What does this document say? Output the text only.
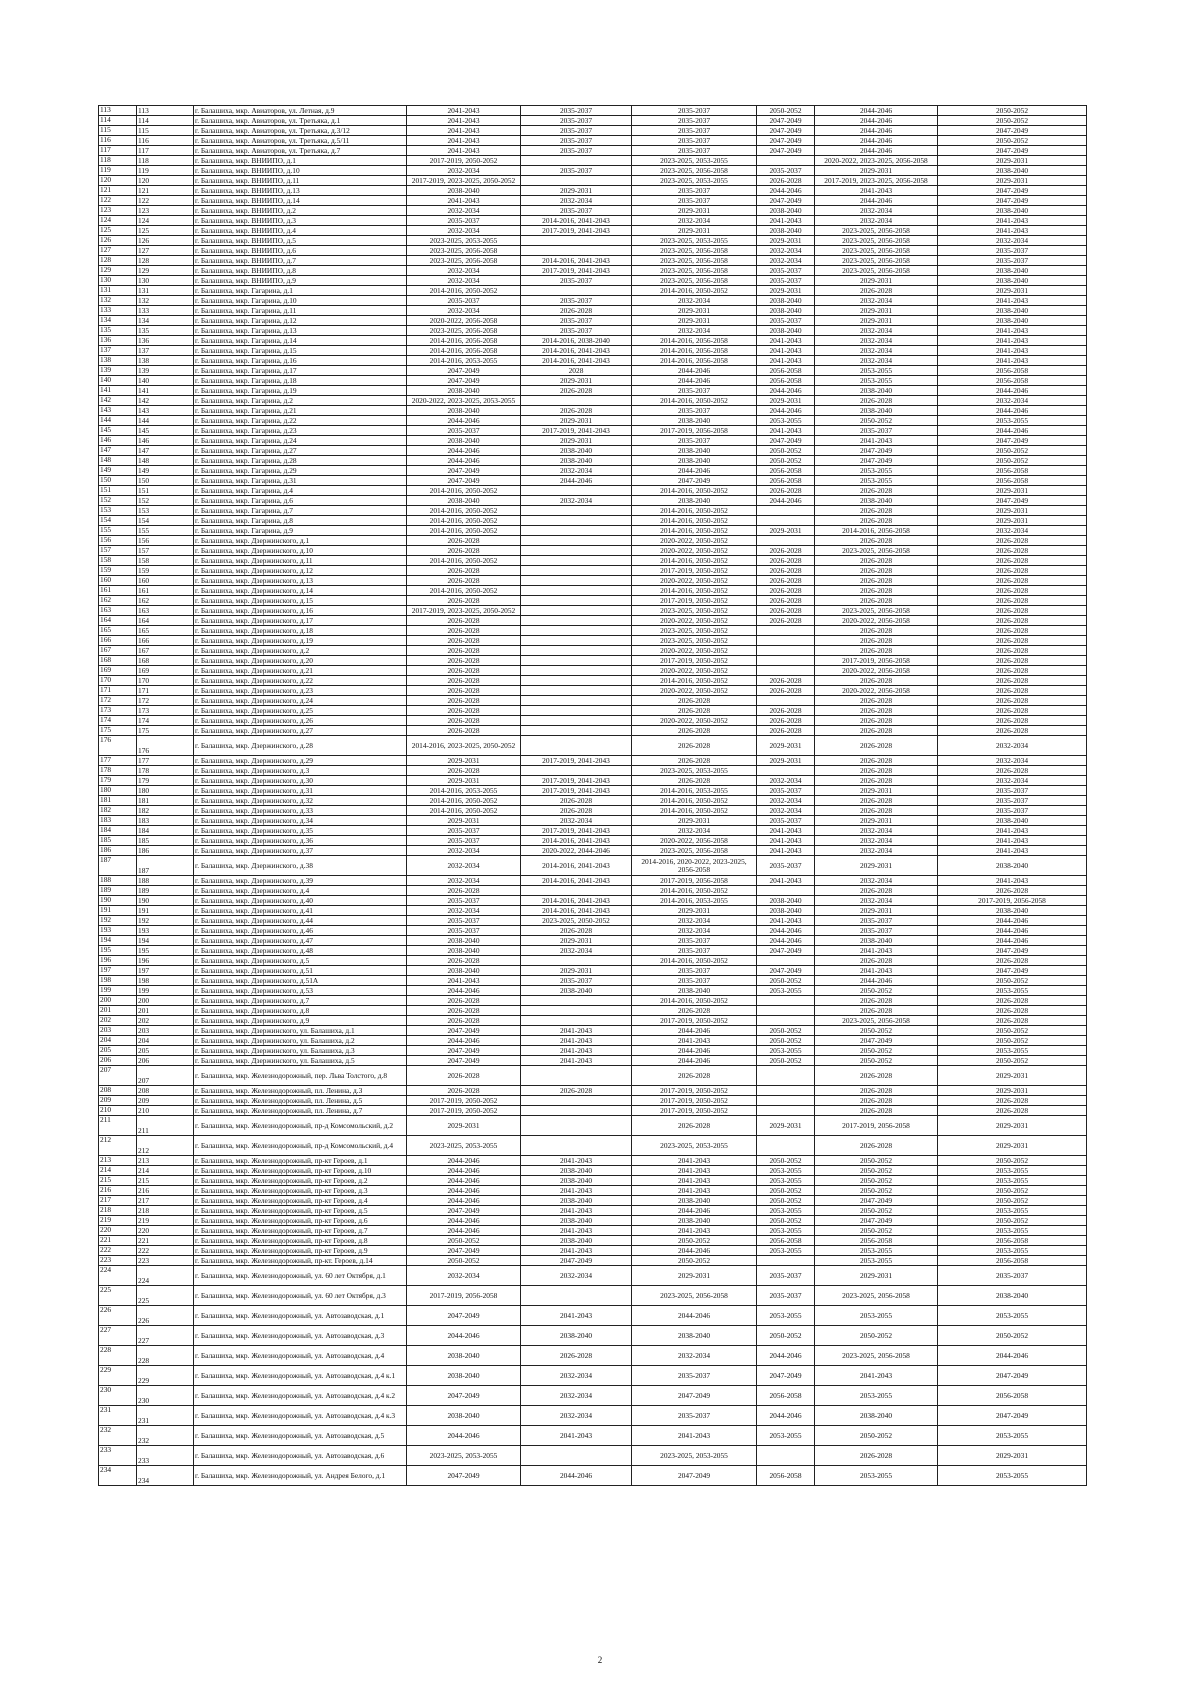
113	113	г. Балашиха, мкр. Авиаторов, ул. Летная, д.9	2041-2043	2035-2037	2035-2037	2050-2052	2044-2046	2050-2052
114	114	г. Балашиха, мкр. Авиаторов, ул. Третьяка, д.1	2041-2043	2035-2037	2035-2037	2047-2049	2044-2046	2050-2052
115	115	г. Балашиха, мкр. Авиаторов, ул. Третьяка, д.3/12	2041-2043	2035-2037	2035-2037	2047-2049	2044-2046	2047-2049
116	116	г. Балашиха, мкр. Авиаторов, ул. Третьяка, д.5/11	2041-2043	2035-2037	2035-2037	2047-2049	2044-2046	2050-2052
117	117	г. Балашиха, мкр. Авиаторов, ул. Третьяка, д.7	2041-2043	2035-2037	2035-2037	2047-2049	2044-2046	2047-2049
118	118	г. Балашиха, мкр. ВНИИПО, д.1	2017-2019, 2050-2052		2023-2025, 2053-2055		2020-2022, 2023-2025, 2056-2058	2029-2031
119	119	г. Балашиха, мкр. ВНИИПО, д.10	2032-2034	2035-2037	2023-2025, 2056-2058	2035-2037	2029-2031	2038-2040
120	120	г. Балашиха, мкр. ВНИИПО, д.11	2017-2019, 2023-2025, 2050-2052		2023-2025, 2053-2055	2026-2028	2017-2019, 2023-2025, 2056-2058	2029-2031
121	121	г. Балашиха, мкр. ВНИИПО, д.13	2038-2040	2029-2031	2035-2037	2044-2046	2041-2043	2047-2049
122	122	г. Балашиха, мкр. ВНИИПО, д.14	2041-2043	2032-2034	2035-2037	2047-2049	2044-2046	2047-2049
123	123	г. Балашиха, мкр. ВНИИПО, д.2	2032-2034	2035-2037	2029-2031	2038-2040	2032-2034	2038-2040
124	124	г. Балашиха, мкр. ВНИИПО, д.3	2035-2037	2014-2016, 2041-2043	2032-2034	2041-2043	2032-2034	2041-2043
125	125	г. Балашиха, мкр. ВНИИПО, д.4	2032-2034	2017-2019, 2041-2043	2029-2031	2038-2040	2023-2025, 2056-2058	2041-2043
126	126	г. Балашиха, мкр. ВНИИПО, д.5	2023-2025, 2053-2055		2023-2025, 2053-2055	2029-2031	2023-2025, 2056-2058	2032-2034
127	127	г. Балашиха, мкр. ВНИИПО, д.6	2023-2025, 2056-2058		2023-2025, 2056-2058	2032-2034	2023-2025, 2056-2058	2035-2037
128	128	г. Балашиха, мкр. ВНИИПО, д.7	2023-2025, 2056-2058	2014-2016, 2041-2043	2023-2025, 2056-2058	2032-2034	2023-2025, 2056-2058	2035-2037
129	129	г. Балашиха, мкр. ВНИИПО, д.8	2032-2034	2017-2019, 2041-2043	2023-2025, 2056-2058	2035-2037	2023-2025, 2056-2058	2038-2040
130	130	г. Балашиха, мкр. ВНИИПО, д.9	2032-2034	2035-2037	2023-2025, 2056-2058	2035-2037	2029-2031	2038-2040
131	131	г. Балашиха, мкр. Гагарина, д.1	2014-2016, 2050-2052		2014-2016, 2050-2052	2029-2031	2026-2028	2029-2031
132	132	г. Балашиха, мкр. Гагарина, д.10	2035-2037	2035-2037	2032-2034	2038-2040	2032-2034	2041-2043
133	133	г. Балашиха, мкр. Гагарина, д.11	2032-2034	2026-2028	2029-2031	2038-2040	2029-2031	2038-2040
134	134	г. Балашиха, мкр. Гагарина, д.12	2020-2022, 2056-2058	2035-2037	2029-2031	2035-2037	2029-2031	2038-2040
135	135	г. Балашиха, мкр. Гагарина, д.13	2023-2025, 2056-2058	2035-2037	2032-2034	2038-2040	2032-2034	2041-2043
136	136	г. Балашиха, мкр. Гагарина, д.14	2014-2016, 2056-2058	2014-2016, 2038-2040	2014-2016, 2056-2058	2041-2043	2032-2034	2041-2043
137	137	г. Балашиха, мкр. Гагарина, д.15	2014-2016, 2056-2058	2014-2016, 2041-2043	2014-2016, 2056-2058	2041-2043	2032-2034	2041-2043
138	138	г. Балашиха, мкр. Гагарина, д.16	2014-2016, 2053-2055	2014-2016, 2041-2043	2014-2016, 2056-2058	2041-2043	2032-2034	2041-2043
139	139	г. Балашиха, мкр. Гагарина, д.17	2047-2049	2028	2044-2046	2056-2058	2053-2055	2056-2058
140	140	г. Балашиха, мкр. Гагарина, д.18	2047-2049	2029-2031	2044-2046	2056-2058	2053-2055	2056-2058
141	141	г. Балашиха, мкр. Гагарина, д.19	2038-2040	2026-2028	2035-2037	2044-2046	2038-2040	2044-2046
142	142	г. Балашиха, мкр. Гагарина, д.2	2020-2022, 2023-2025, 2053-2055		2014-2016, 2050-2052	2029-2031	2026-2028	2032-2034
143	143	г. Балашиха, мкр. Гагарина, д.21	2038-2040	2026-2028	2035-2037	2044-2046	2038-2040	2044-2046
144	144	г. Балашиха, мкр. Гагарина, д.22	2044-2046	2029-2031	2038-2040	2053-2055	2050-2052	2053-2055
145	145	г. Балашиха, мкр. Гагарина, д.23	2035-2037	2017-2019, 2041-2043	2017-2019, 2056-2058	2041-2043	2035-2037	2044-2046
146	146	г. Балашиха, мкр. Гагарина, д.24	2038-2040	2029-2031	2035-2037	2047-2049	2041-2043	2047-2049
147	147	г. Балашиха, мкр. Гагарина, д.27	2044-2046	2038-2040	2038-2040	2050-2052	2047-2049	2050-2052
148	148	г. Балашиха, мкр. Гагарина, д.28	2044-2046	2038-2040	2038-2040	2050-2052	2047-2049	2050-2052
149	149	г. Балашиха, мкр. Гагарина, д.29	2047-2049	2032-2034	2044-2046	2056-2058	2053-2055	2056-2058
150	150	г. Балашиха, мкр. Гагарина, д.31	2047-2049	2044-2046	2047-2049	2056-2058	2053-2055	2056-2058
151	151	г. Балашиха, мкр. Гагарина, д.4	2014-2016, 2050-2052		2014-2016, 2050-2052	2026-2028	2026-2028	2029-2031
152	152	г. Балашиха, мкр. Гагарина, д.6	2038-2040	2032-2034	2038-2040	2044-2046	2038-2040	2047-2049
153	153	г. Балашиха, мкр. Гагарина, д.7	2014-2016, 2050-2052		2014-2016, 2050-2052		2026-2028	2029-2031
154	154	г. Балашиха, мкр. Гагарина, д.8	2014-2016, 2050-2052		2014-2016, 2050-2052		2026-2028	2029-2031
155	155	г. Балашиха, мкр. Гагарина, д.9	2014-2016, 2050-2052		2014-2016, 2050-2052	2029-2031	2014-2016, 2056-2058	2032-2034
156	156	г. Балашиха, мкр. Дзержинского, д.1	2026-2028		2020-2022, 2050-2052		2026-2028	2026-2028
157	157	г. Балашиха, мкр. Дзержинского, д.10	2026-2028		2020-2022, 2050-2052	2026-2028	2023-2025, 2056-2058	2026-2028
158	158	г. Балашиха, мкр. Дзержинского, д.11	2014-2016, 2050-2052		2014-2016, 2050-2052	2026-2028	2026-2028	2026-2028
159	159	г. Балашиха, мкр. Дзержинского, д.12	2026-2028		2017-2019, 2050-2052	2026-2028	2026-2028	2026-2028
160	160	г. Балашиха, мкр. Дзержинского, д.13	2026-2028		2020-2022, 2050-2052	2026-2028	2026-2028	2026-2028
161	161	г. Балашиха, мкр. Дзержинского, д.14	2014-2016, 2050-2052		2014-2016, 2050-2052	2026-2028	2026-2028	2026-2028
162	162	г. Балашиха, мкр. Дзержинского, д.15	2026-2028		2017-2019, 2050-2052	2026-2028	2026-2028	2026-2028
163	163	г. Балашиха, мкр. Дзержинского, д.16	2017-2019, 2023-2025, 2050-2052		2023-2025, 2050-2052	2026-2028	2023-2025, 2056-2058	2026-2028
164	164	г. Балашиха, мкр. Дзержинского, д.17	2026-2028		2020-2022, 2050-2052	2026-2028	2020-2022, 2056-2058	2026-2028
165	165	г. Балашиха, мкр. Дзержинского, д.18	2026-2028		2023-2025, 2050-2052		2026-2028	2026-2028
166	166	г. Балашиха, мкр. Дзержинского, д.19	2026-2028		2023-2025, 2050-2052		2026-2028	2026-2028
167	167	г. Балашиха, мкр. Дзержинского, д.2	2026-2028		2020-2022, 2050-2052		2026-2028	2026-2028
168	168	г. Балашиха, мкр. Дзержинского, д.20	2026-2028		2017-2019, 2050-2052		2017-2019, 2056-2058	2026-2028
169	169	г. Балашиха, мкр. Дзержинского, д.21	2026-2028		2020-2022, 2050-2052		2020-2022, 2056-2058	2026-2028
170	170	г. Балашиха, мкр. Дзержинского, д.22	2026-2028		2014-2016, 2050-2052	2026-2028	2026-2028	2026-2028
171	171	г. Балашиха, мкр. Дзержинского, д.23	2026-2028		2020-2022, 2050-2052	2026-2028	2020-2022, 2056-2058	2026-2028
172	172	г. Балашиха, мкр. Дзержинского, д.24	2026-2028		2026-2028		2026-2028	2026-2028
173	173	г. Балашиха, мкр. Дзержинского, д.25	2026-2028		2026-2028	2026-2028	2026-2028	2026-2028
174	174	г. Балашиха, мкр. Дзержинского, д.26	2026-2028		2020-2022, 2050-2052	2026-2028	2026-2028	2026-2028
175	175	г. Балашиха, мкр. Дзержинского, д.27	2026-2028		2026-2028	2026-2028	2026-2028	2026-2028
176	176	г. Балашиха, мкр. Дзержинского, д.28	2014-2016, 2023-2025, 2050-2052		2026-2028	2029-2031	2026-2028	2032-2034
177	177	г. Балашиха, мкр. Дзержинского, д.29	2029-2031	2017-2019, 2041-2043	2026-2028	2029-2031	2026-2028	2032-2034
178	178	г. Балашиха, мкр. Дзержинского, д.3	2026-2028		2023-2025, 2053-2055		2026-2028	2026-2028
179	179	г. Балашиха, мкр. Дзержинского, д.30	2029-2031	2017-2019, 2041-2043	2026-2028	2032-2034	2026-2028	2032-2034
180	180	г. Балашиха, мкр. Дзержинского, д.31	2014-2016, 2053-2055	2017-2019, 2041-2043	2014-2016, 2053-2055	2035-2037	2029-2031	2035-2037
181	181	г. Балашиха, мкр. Дзержинского, д.32	2014-2016, 2050-2052	2026-2028	2014-2016, 2050-2052	2032-2034	2026-2028	2035-2037
182	182	г. Балашиха, мкр. Дзержинского, д.33	2014-2016, 2050-2052	2026-2028	2014-2016, 2050-2052	2032-2034	2026-2028	2035-2037
183	183	г. Балашиха, мкр. Дзержинского, д.34	2029-2031	2032-2034	2029-2031	2035-2037	2029-2031	2038-2040
184	184	г. Балашиха, мкр. Дзержинского, д.35	2035-2037	2017-2019, 2041-2043	2032-2034	2041-2043	2032-2034	2041-2043
185	185	г. Балашиха, мкр. Дзержинского, д.36	2035-2037	2014-2016, 2041-2043	2020-2022, 2056-2058	2041-2043	2032-2034	2041-2043
186	186	г. Балашиха, мкр. Дзержинского, д.37	2032-2034	2020-2022, 2044-2046	2023-2025, 2056-2058	2041-2043	2032-2034	2041-2043
187	187	г. Балашиха, мкр. Дзержинского, д.38	2032-2034	2014-2016, 2041-2043	2014-2016, 2020-2022, 2023-2025, 2056-2058	2035-2037	2029-2031	2038-2040
188	188	г. Балашиха, мкр. Дзержинского, д.39	2032-2034	2014-2016, 2041-2043	2017-2019, 2056-2058	2041-2043	2032-2034	2041-2043
189	189	г. Балашиха, мкр. Дзержинского, д.4	2026-2028		2014-2016, 2050-2052		2026-2028	2026-2028
190	190	г. Балашиха, мкр. Дзержинского, д.40	2035-2037	2014-2016, 2041-2043	2014-2016, 2053-2055	2038-2040	2032-2034	2017-2019, 2056-2058
191	191	г. Балашиха, мкр. Дзержинского, д.41	2032-2034	2014-2016, 2041-2043	2029-2031	2038-2040	2029-2031	2038-2040
192	192	г. Балашиха, мкр. Дзержинского, д.44	2035-2037	2023-2025, 2050-2052	2032-2034	2041-2043	2035-2037	2044-2046
193	193	г. Балашиха, мкр. Дзержинского, д.46	2035-2037	2026-2028	2032-2034	2044-2046	2035-2037	2044-2046
194	194	г. Балашиха, мкр. Дзержинского, д.47	2038-2040	2029-2031	2035-2037	2044-2046	2038-2040	2044-2046
195	195	г. Балашиха, мкр. Дзержинского, д.48	2038-2040	2032-2034	2035-2037	2047-2049	2041-2043	2047-2049
196	196	г. Балашиха, мкр. Дзержинского, д.5	2026-2028		2014-2016, 2050-2052		2026-2028	2026-2028
197	197	г. Балашиха, мкр. Дзержинского, д.51	2038-2040	2029-2031	2035-2037	2047-2049	2041-2043	2047-2049
198	198	г. Балашиха, мкр. Дзержинского, д.51А	2041-2043	2035-2037	2035-2037	2050-2052	2044-2046	2050-2052
199	199	г. Балашиха, мкр. Дзержинского, д.53	2044-2046	2038-2040	2038-2040	2053-2055	2050-2052	2053-2055
200	200	г. Балашиха, мкр. Дзержинского, д.7	2026-2028		2014-2016, 2050-2052		2026-2028	2026-2028
201	201	г. Балашиха, мкр. Дзержинского, д.8	2026-2028		2026-2028		2026-2028	2026-2028
202	202	г. Балашиха, мкр. Дзержинского, д.9	2026-2028		2017-2019, 2050-2052		2023-2025, 2056-2058	2026-2028
203	203	г. Балашиха, мкр. Дзержинского, ул. Балашиха, д.1	2047-2049	2041-2043	2044-2046	2050-2052	2050-2052	2050-2052
204	204	г. Балашиха, мкр. Дзержинского, ул. Балашиха, д.2	2044-2046	2041-2043	2041-2043	2050-2052	2047-2049	2050-2052
205	205	г. Балашиха, мкр. Дзержинского, ул. Балашиха, д.3	2047-2049	2041-2043	2044-2046	2053-2055	2050-2052	2053-2055
206	206	г. Балашиха, мкр. Дзержинского, ул. Балашиха, д.5	2047-2049	2041-2043	2044-2046	2050-2052	2050-2052	2050-2052
207	207	г. Балашиха, мкр. Железнодорожный, пер. Льва Толстого, д.8	2026-2028		2026-2028		2026-2028	2029-2031
208	208	г. Балашиха, мкр. Железнодорожный, пл. Ленина, д.3	2026-2028	2026-2028	2017-2019, 2050-2052		2026-2028	2029-2031
209	209	г. Балашиха, мкр. Железнодорожный, пл. Ленина, д.5	2017-2019, 2050-2052		2017-2019, 2050-2052		2026-2028	2026-2028
210	210	г. Балашиха, мкр. Железнодорожный, пл. Ленина, д.7	2017-2019, 2050-2052		2017-2019, 2050-2052		2026-2028	2026-2028
211	211	г. Балашиха, мкр. Железнодорожный, пр-д Комсомольский, д.2	2029-2031		2026-2028	2029-2031	2017-2019, 2056-2058	2029-2031
212	212	г. Балашиха, мкр. Железнодорожный, пр-д Комсомольский, д.4	2023-2025, 2053-2055		2023-2025, 2053-2055		2026-2028	2029-2031
213	213	г. Балашиха, мкр. Железнодорожный, пр-кт Героев, д.1	2044-2046	2041-2043	2041-2043	2050-2052	2050-2052	2050-2052
214	214	г. Балашиха, мкр. Железнодорожный, пр-кт Героев, д.10	2044-2046	2038-2040	2041-2043	2053-2055	2050-2052	2053-2055
215	215	г. Балашиха, мкр. Железнодорожный, пр-кт Героев, д.2	2044-2046	2038-2040	2041-2043	2053-2055	2050-2052	2053-2055
216	216	г. Балашиха, мкр. Железнодорожный, пр-кт Героев, д.3	2044-2046	2041-2043	2041-2043	2050-2052	2050-2052	2050-2052
217	217	г. Балашиха, мкр. Железнодорожный, пр-кт Героев, д.4	2044-2046	2038-2040	2038-2040	2050-2052	2047-2049	2050-2052
218	218	г. Балашиха, мкр. Железнодорожный, пр-кт Героев, д.5	2047-2049	2041-2043	2044-2046	2053-2055	2050-2052	2053-2055
219	219	г. Балашиха, мкр. Железнодорожный, пр-кт Героев, д.6	2044-2046	2038-2040	2038-2040	2050-2052	2047-2049	2050-2052
220	220	г. Балашиха, мкр. Железнодорожный, пр-кт Героев, д.7	2044-2046	2041-2043	2041-2043	2053-2055	2050-2052	2053-2055
221	221	г. Балашиха, мкр. Железнодорожный, пр-кт Героев, д.8	2050-2052	2038-2040	2050-2052	2056-2058	2056-2058	2056-2058
222	222	г. Балашиха, мкр. Железнодорожный, пр-кт Героев, д.9	2047-2049	2041-2043	2044-2046	2053-2055	2053-2055	2053-2055
223	223	г. Балашиха, мкр. Железнодорожный, пр-кт. Героев, д.14	2050-2052	2047-2049	2050-2052		2053-2055	2056-2058
224	224	г. Балашиха, мкр. Железнодорожный, ул. 60 лет Октября, д.1	2032-2034	2032-2034	2029-2031	2035-2037	2029-2031	2035-2037
225	225	г. Балашиха, мкр. Железнодорожный, ул. 60 лет Октября, д.3	2017-2019, 2056-2058		2023-2025, 2056-2058	2035-2037	2023-2025, 2056-2058	2038-2040
226	226	г. Балашиха, мкр. Железнодорожный, ул. Автозаводская, д.1	2047-2049	2041-2043	2044-2046	2053-2055	2053-2055	2053-2055
227	227	г. Балашиха, мкр. Железнодорожный, ул. Автозаводская, д.3	2044-2046	2038-2040	2038-2040	2050-2052	2050-2052	2050-2052
228	228	г. Балашиха, мкр. Железнодорожный, ул. Автозаводская, д.4	2038-2040	2026-2028	2032-2034	2044-2046	2023-2025, 2056-2058	2044-2046
229	229	г. Балашиха, мкр. Железнодорожный, ул. Автозаводская, д.4 к.1	2038-2040	2032-2034	2035-2037	2047-2049	2041-2043	2047-2049
230	230	г. Балашиха, мкр. Железнодорожный, ул. Автозаводская, д.4 к.2	2047-2049	2032-2034	2047-2049	2056-2058	2053-2055	2056-2058
231	231	г. Балашиха, мкр. Железнодорожный, ул. Автозаводская, д.4 к.3	2038-2040	2032-2034	2035-2037	2044-2046	2038-2040	2047-2049
232	232	г. Балашиха, мкр. Железнодорожный, ул. Автозаводская, д.5	2044-2046	2041-2043	2041-2043	2053-2055	2050-2052	2053-2055
233	233	г. Балашиха, мкр. Железнодорожный, ул. Автозаводская, д.6	2023-2025, 2053-2055		2023-2025, 2053-2055		2026-2028	2029-2031
234	234	г. Балашиха, мкр. Железнодорожный, ул. Андрея Белого, д.1	2047-2049	2044-2046	2047-2049	2056-2058	2053-2055	2053-2055
2
